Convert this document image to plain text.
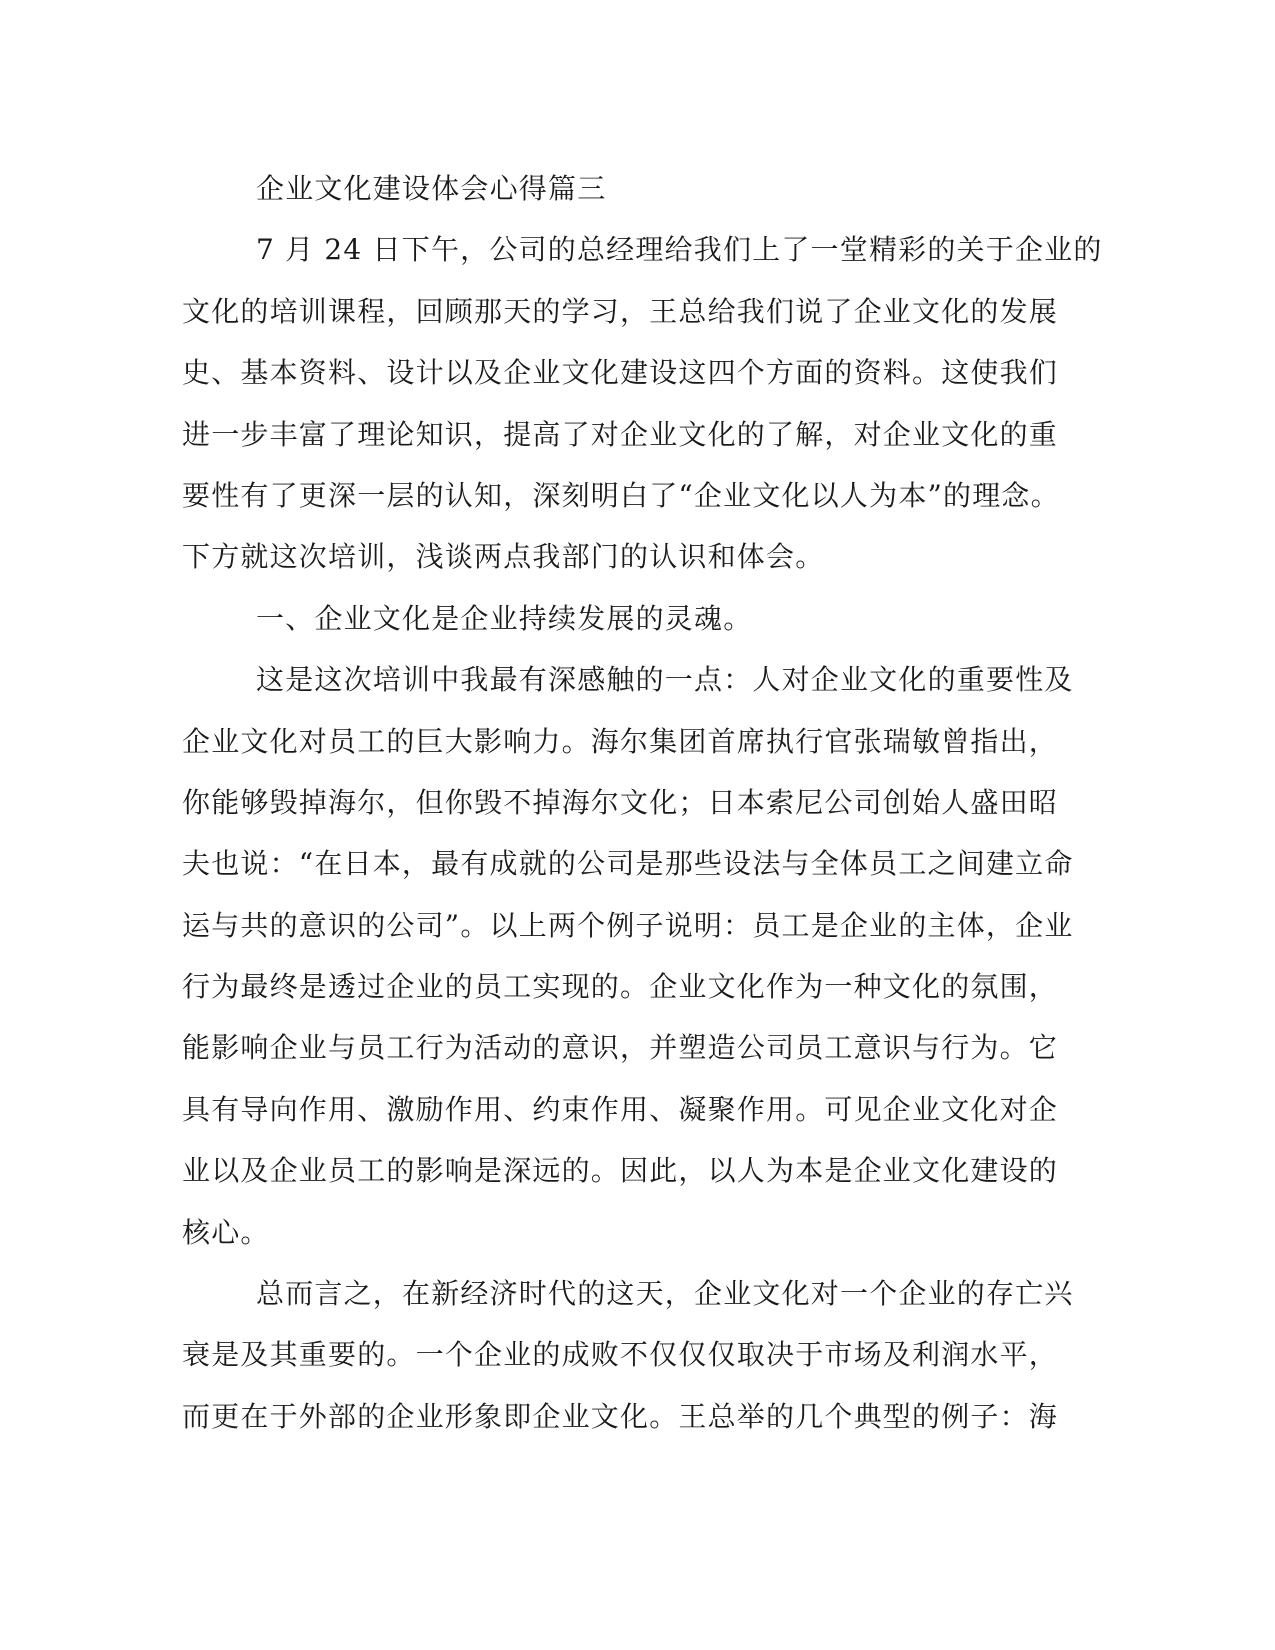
企业文化建设体会心得篇三
7 月 24 日下午，公司的总经理给我们上了一堂精彩的关于企业的
文化的培训课程，回顾那天的学习，王总给我们说了企业文化的发展
史、基本资料、设计以及企业文化建设这四个方面的资料。这使我们
进一步丰富了理论知识，提高了对企业文化的了解，对企业文化的重
要性有了更深一层的认知，深刻明白了“企业文化以人为本”的理念。
下方就这次培训，浅谈两点我部门的认识和体会。
一、企业文化是企业持续发展的灵魂。
这是这次培训中我最有深感触的一点：人对企业文化的重要性及
企业文化对员工的巨大影响力。海尔集团首席执行官张瑞敏曾指出，
你能够毁掉海尔，但你毁不掉海尔文化；日本索尼公司创始人盛田昭
夫也说：“在日本，最有成就的公司是那些设法与全体员工之间建立命
运与共的意识的公司”。以上两个例子说明：员工是企业的主体，企业
行为最终是透过企业的员工实现的。企业文化作为一种文化的氛围，
能影响企业与员工行为活动的意识，并塑造公司员工意识与行为。它
具有导向作用、激励作用、约束作用、凝聚作用。可见企业文化对企
业以及企业员工的影响是深远的。因此，以人为本是企业文化建设的
核心。
总而言之，在新经济时代的这天，企业文化对一个企业的存亡兴
衰是及其重要的。一个企业的成败不仅仅仅取决于市场及利润水平，
而更在于外部的企业形象即企业文化。王总举的几个典型的例子：海
